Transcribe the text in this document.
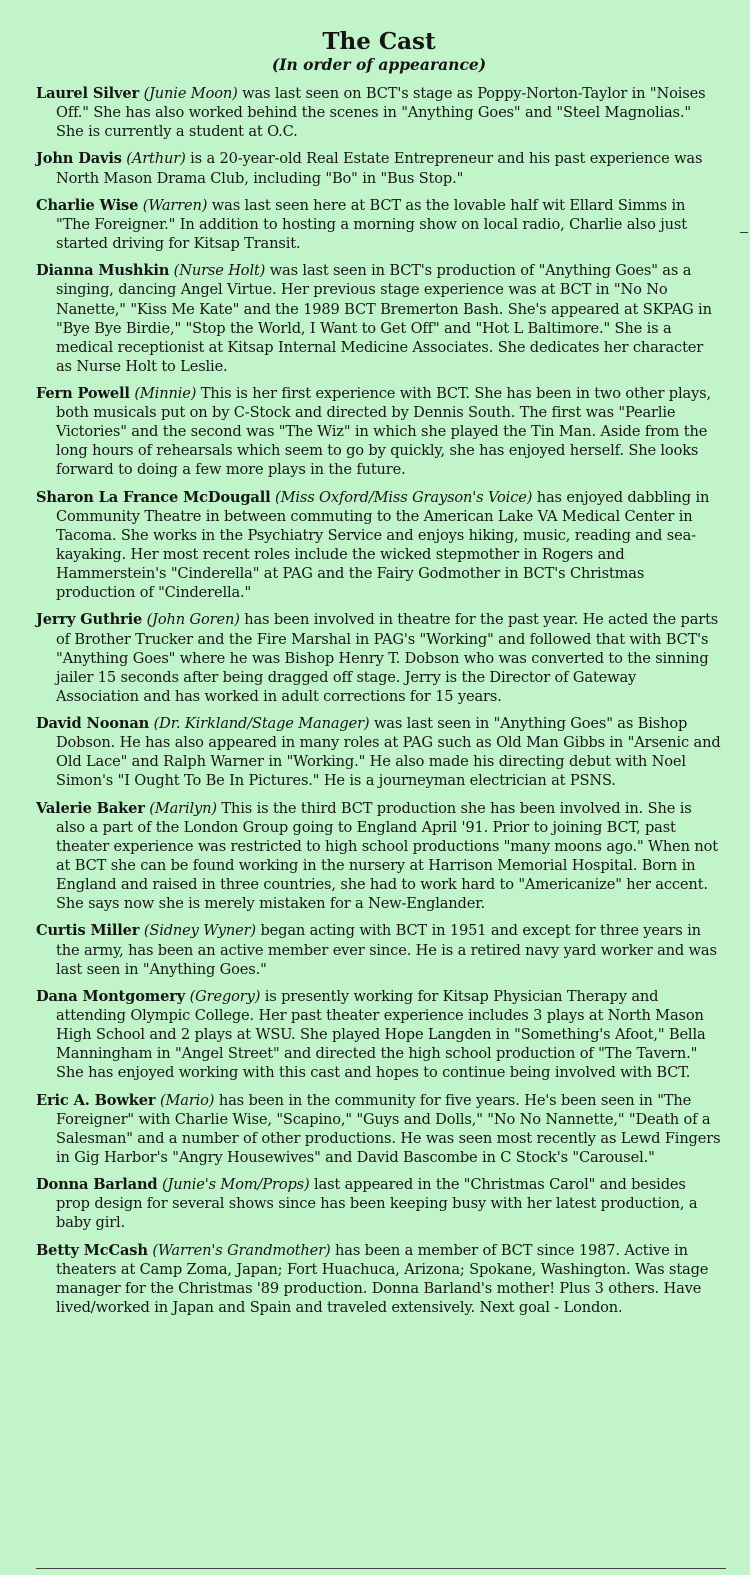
The Cast
(In order of appearance)
Laurel Silver (Junie Moon) was last seen on BCT's stage as Poppy-Norton-Taylor in "Noises Off." She has also worked behind the scenes in "Anything Goes" and "Steel Magnolias." She is currently a student at O.C.
John Davis (Arthur) is a 20-year-old Real Estate Entrepreneur and his past experience was North Mason Drama Club, including "Bo" in "Bus Stop."
Charlie Wise (Warren) was last seen here at BCT as the lovable half wit Ellard Simms in "The Foreigner." In addition to hosting a morning show on local radio, Charlie also just started driving for Kitsap Transit.
Dianna Mushkin (Nurse Holt) was last seen in BCT's production of "Anything Goes" as a singing, dancing Angel Virtue. Her previous stage experience was at BCT in "No No Nanette," "Kiss Me Kate" and the 1989 BCT Bremerton Bash. She's appeared at SKPAG in "Bye Bye Birdie," "Stop the World, I Want to Get Off" and "Hot L Baltimore." She is a medical receptionist at Kitsap Internal Medicine Associates. She dedicates her character as Nurse Holt to Leslie.
Fern Powell (Minnie) This is her first experience with BCT. She has been in two other plays, both musicals put on by C-Stock and directed by Dennis South. The first was "Pearlie Victories" and the second was "The Wiz" in which she played the Tin Man. Aside from the long hours of rehearsals which seem to go by quickly, she has enjoyed herself. She looks forward to doing a few more plays in the future.
Sharon La France McDougall (Miss Oxford/Miss Grayson's Voice) has enjoyed dabbling in Community Theatre in between commuting to the American Lake VA Medical Center in Tacoma. She works in the Psychiatry Service and enjoys hiking, music, reading and sea-kayaking. Her most recent roles include the wicked stepmother in Rogers and Hammerstein's "Cinderella" at PAG and the Fairy Godmother in BCT's Christmas production of "Cinderella."
Jerry Guthrie (John Goren) has been involved in theatre for the past year. He acted the parts of Brother Trucker and the Fire Marshal in PAG's "Working" and followed that with BCT's "Anything Goes" where he was Bishop Henry T. Dobson who was converted to the sinning jailer 15 seconds after being dragged off stage. Jerry is the Director of Gateway Association and has worked in adult corrections for 15 years.
David Noonan (Dr. Kirkland/Stage Manager) was last seen in "Anything Goes" as Bishop Dobson. He has also appeared in many roles at PAG such as Old Man Gibbs in "Arsenic and Old Lace" and Ralph Warner in "Working." He also made his directing debut with Noel Simon's "I Ought To Be In Pictures." He is a journeyman electrician at PSNS.
Valerie Baker (Marilyn) This is the third BCT production she has been involved in. She is also a part of the London Group going to England April '91. Prior to joining BCT, past theater experience was restricted to high school productions "many moons ago." When not at BCT she can be found working in the nursery at Harrison Memorial Hospital. Born in England and raised in three countries, she had to work hard to "Americanize" her accent. She says now she is merely mistaken for a New-Englander.
Curtis Miller (Sidney Wyner) began acting with BCT in 1951 and except for three years in the army, has been an active member ever since. He is a retired navy yard worker and was last seen in "Anything Goes."
Dana Montgomery (Gregory) is presently working for Kitsap Physician Therapy and attending Olympic College. Her past theater experience includes 3 plays at North Mason High School and 2 plays at WSU. She played Hope Langden in "Something's Afoot," Bella Manningham in "Angel Street" and directed the high school production of "The Tavern." She has enjoyed working with this cast and hopes to continue being involved with BCT.
Eric A. Bowker (Mario) has been in the community for five years. He's been seen in "The Foreigner" with Charlie Wise, "Scapino," "Guys and Dolls," "No No Nannette," "Death of a Salesman" and a number of other productions. He was seen most recently as Lewd Fingers in Gig Harbor's "Angry Housewives" and David Bascombe in C Stock's "Carousel."
Donna Barland (Junie's Mom/Props) last appeared in the "Christmas Carol" and besides prop design for several shows since has been keeping busy with her latest production, a baby girl.
Betty McCash (Warren's Grandmother) has been a member of BCT since 1987. Active in theaters at Camp Zoma, Japan; Fort Huachuca, Arizona; Spokane, Washington. Was stage manager for the Christmas '89 production. Donna Barland's mother! Plus 3 others. Have lived/worked in Japan and Spain and traveled extensively. Next goal - London.
